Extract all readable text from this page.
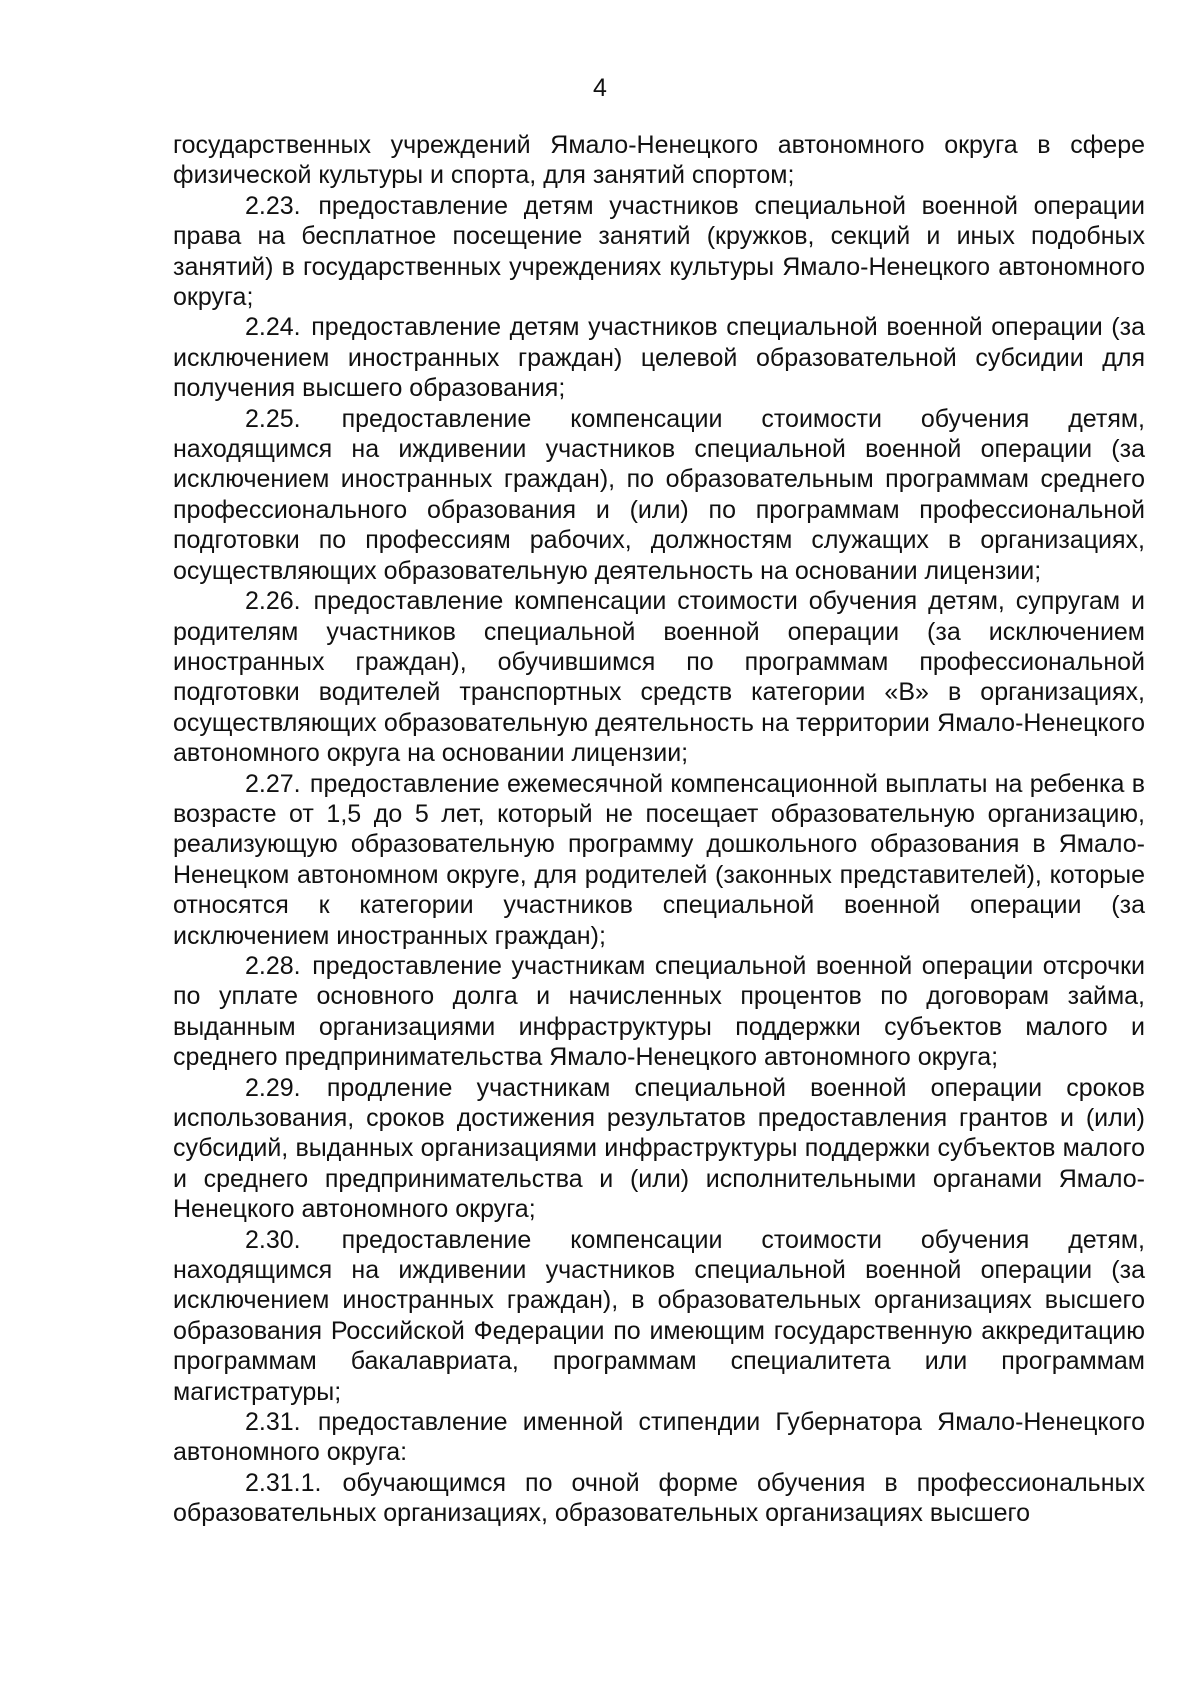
4

государственных учреждений Ямало-Ненецкого автономного округа в сфере физической культуры и спорта, для занятий спортом;

2.23. предоставление детям участников специальной военной операции права на бесплатное посещение занятий (кружков, секций и иных подобных занятий) в государственных учреждениях культуры Ямало-Ненецкого автономного округа;

2.24. предоставление детям участников специальной военной операции (за исключением иностранных граждан) целевой образовательной субсидии для получения высшего образования;

2.25. предоставление компенсации стоимости обучения детям, находящимся на иждивении участников специальной военной операции (за исключением иностранных граждан), по образовательным программам среднего профессионального образования и (или) по программам профессиональной подготовки по профессиям рабочих, должностям служащих в организациях, осуществляющих образовательную деятельность на основании лицензии;

2.26. предоставление компенсации стоимости обучения детям, супругам и родителям участников специальной военной операции (за исключением иностранных граждан), обучившимся по программам профессиональной подготовки водителей транспортных средств категории «В» в организациях, осуществляющих образовательную деятельность на территории Ямало-Ненецкого автономного округа на основании лицензии;

2.27. предоставление ежемесячной компенсационной выплаты на ребенка в возрасте от 1,5 до 5 лет, который не посещает образовательную организацию, реализующую образовательную программу дошкольного образования в Ямало-Ненецком автономном округе, для родителей (законных представителей), которые относятся к категории участников специальной военной операции (за исключением иностранных граждан);

2.28. предоставление участникам специальной военной операции отсрочки по уплате основного долга и начисленных процентов по договорам займа, выданным организациями инфраструктуры поддержки субъектов малого и среднего предпринимательства Ямало-Ненецкого автономного округа;

2.29. продление участникам специальной военной операции сроков использования, сроков достижения результатов предоставления грантов и (или) субсидий, выданных организациями инфраструктуры поддержки субъектов малого и среднего предпринимательства и (или) исполнительными органами Ямало-Ненецкого автономного округа;

2.30. предоставление компенсации стоимости обучения детям, находящимся на иждивении участников специальной военной операции (за исключением иностранных граждан), в образовательных организациях высшего образования Российской Федерации по имеющим государственную аккредитацию программам бакалавриата, программам специалитета или программам магистратуры;

2.31. предоставление именной стипендии Губернатора Ямало-Ненецкого автономного округа:

2.31.1. обучающимся по очной форме обучения в профессиональных образовательных организациях, образовательных организациях высшего
